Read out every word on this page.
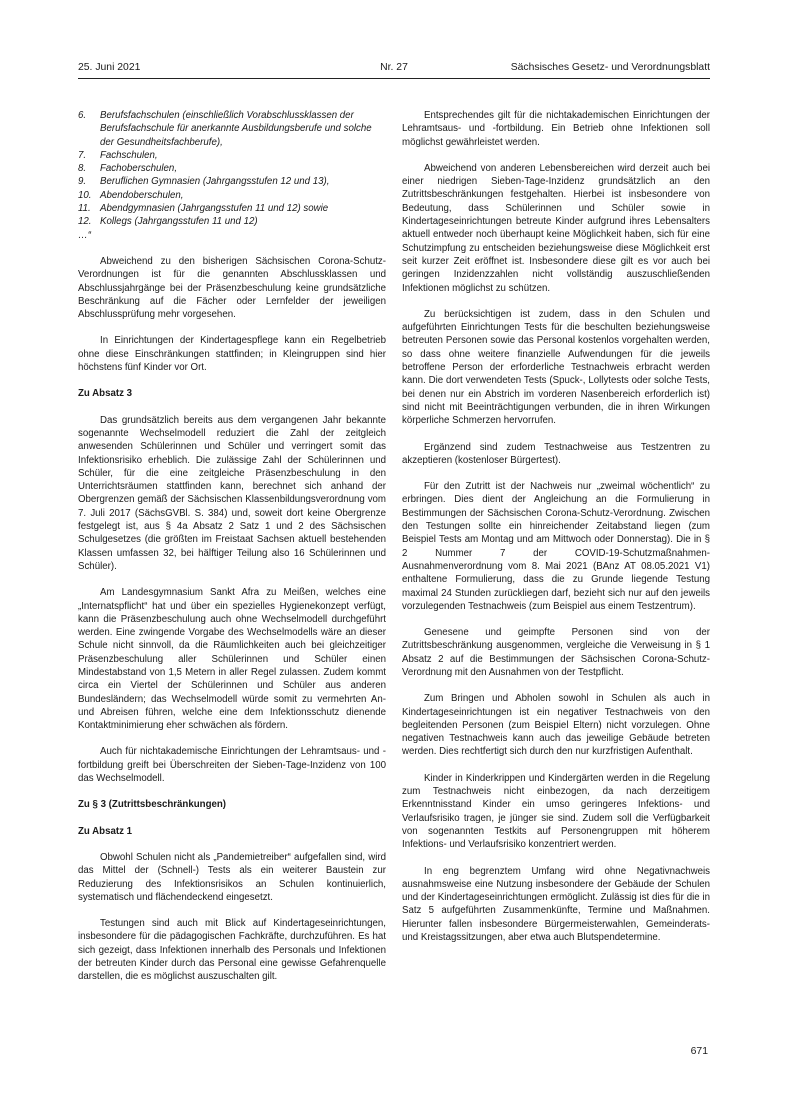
25. Juni 2021	Nr. 27	Sächsisches Gesetz- und Verordnungsblatt
6. Berufsfachschulen (einschließlich Vorabschlussklassen der Berufsfachschule für anerkannte Ausbildungsberufe und solche der Gesundheitsfachberufe),
7. Fachschulen,
8. Fachoberschulen,
9. Beruflichen Gymnasien (Jahrgangsstufen 12 und 13),
10. Abendoberschulen,
11. Abendgymnasien (Jahrgangsstufen 11 und 12) sowie
12. Kollegs (Jahrgangsstufen 11 und 12)
…“

Abweichend zu den bisherigen Sächsischen Corona-Schutz-Verordnungen ist für die genannten Abschlussklassen und Abschlussjahrgänge bei der Präsenzbeschulung keine grundsätzliche Beschränkung auf die Fächer oder Lernfelder der jeweiligen Abschlussprüfung mehr vorgesehen.

In Einrichtungen der Kindertagespflege kann ein Regelbetrieb ohne diese Einschränkungen stattfinden; in Kleingruppen sind hier höchstens fünf Kinder vor Ort.

Zu Absatz 3

Das grundsätzlich bereits aus dem vergangenen Jahr bekannte sogenannte Wechselmodell reduziert die Zahl der zeitgleich anwesenden Schülerinnen und Schüler und verringert somit das Infektionsrisiko erheblich. Die zulässige Zahl der Schülerinnen und Schüler, für die eine zeitgleiche Präsenzbeschulung in den Unterrichtsräumen stattfinden kann, berechnet sich anhand der Obergrenzen gemäß der Sächsischen Klassenbildungsverordnung vom 7. Juli 2017 (SächsGVBl. S. 384) und, soweit dort keine Obergrenze festgelegt ist, aus § 4a Absatz 2 Satz 1 und 2 des Sächsischen Schulgesetzes (die größten im Freistaat Sachsen aktuell bestehenden Klassen umfassen 32, bei hälftiger Teilung also 16 Schülerinnen und Schüler).

Am Landesgymnasium Sankt Afra zu Meißen, welches eine „Internatspflicht“ hat und über ein spezielles Hygienekonzept verfügt, kann die Präsenzbeschulung auch ohne Wechselmodell durchgeführt werden. Eine zwingende Vorgabe des Wechselmodells wäre an dieser Schule nicht sinnvoll, da die Räumlichkeiten auch bei gleichzeitiger Präsenzbeschulung aller Schülerinnen und Schüler einen Mindestabstand von 1,5 Metern in aller Regel zulassen. Zudem kommt circa ein Viertel der Schülerinnen und Schüler aus anderen Bundesländern; das Wechselmodell würde somit zu vermehrten An- und Abreisen führen, welche eine dem Infektionsschutz dienende Kontaktminimierung eher schwächen als fördern.

Auch für nichtakademische Einrichtungen der Lehramtsaus- und -fortbildung greift bei Überschreiten der Sieben-Tage-Inzidenz von 100 das Wechselmodell.

Zu § 3 (Zutrittsbeschränkungen)
Zu Absatz 1

Obwohl Schulen nicht als „Pandemietreiber“ aufgefallen sind, wird das Mittel der (Schnell-) Tests als ein weiterer Baustein zur Reduzierung des Infektionsrisikos an Schulen kontinuierlich, systematisch und flächendeckend eingesetzt.

Testungen sind auch mit Blick auf Kindertageseinrichtungen, insbesondere für die pädagogischen Fachkräfte, durchzuführen. Es hat sich gezeigt, dass Infektionen innerhalb des Personals und Infektionen der betreuten Kinder durch das Personal eine gewisse Gefahrenquelle darstellen, die es möglichst auszuschalten gilt.

Entsprechendes gilt für die nichtakademischen Einrichtungen der Lehramtsaus- und -fortbildung. Ein Betrieb ohne Infektionen soll möglichst gewährleistet werden.

Abweichend von anderen Lebensbereichen wird derzeit auch bei einer niedrigen Sieben-Tage-Inzidenz grundsätzlich an den Zutrittsbeschränkungen festgehalten. Hierbei ist insbesondere von Bedeutung, dass Schülerinnen und Schüler sowie in Kindertageseinrichtungen betreute Kinder aufgrund ihres Lebensalters aktuell entweder noch überhaupt keine Möglichkeit haben, sich für eine Schutzimpfung zu entscheiden beziehungsweise diese Möglichkeit erst seit kurzer Zeit eröffnet ist. Insbesondere diese gilt es vor auch bei geringen Inzidenzzahlen nicht vollständig auszuschließenden Infektionen möglichst zu schützen.

Zu berücksichtigen ist zudem, dass in den Schulen und aufgeführten Einrichtungen Tests für die beschulten beziehungsweise betreuten Personen sowie das Personal kostenlos vorgehalten werden, so dass ohne weitere finanzielle Aufwendungen für die jeweils betroffene Person der erforderliche Testnachweis erbracht werden kann. Die dort verwendeten Tests (Spuck-, Lollytests oder solche Tests, bei denen nur ein Abstrich im vorderen Nasenbereich erforderlich ist) sind nicht mit Beeinträchtigungen verbunden, die in ihren Wirkungen körperliche Schmerzen hervorrufen.

Ergänzend sind zudem Testnachweise aus Testzentren zu akzeptieren (kostenloser Bürgertest).

Für den Zutritt ist der Nachweis nur „zweimal wöchentlich“ zu erbringen. Dies dient der Angleichung an die Formulierung in Bestimmungen der Sächsischen Corona-Schutz-Verordnung. Zwischen den Testungen sollte ein hinreichender Zeitabstand liegen (zum Beispiel Tests am Montag und am Mittwoch oder Donnerstag). Die in § 2 Nummer 7 der COVID-19-Schutzmaßnahmen-Ausnahmenverordnung vom 8. Mai 2021 (BAnz AT 08.05.2021 V1) enthaltene Formulierung, dass die zu Grunde liegende Testung maximal 24 Stunden zurückliegen darf, bezieht sich nur auf den jeweils vorzulegenden Testnachweis (zum Beispiel aus einem Testzentrum).

Genesene und geimpfte Personen sind von der Zutrittsbeschränkung ausgenommen, vergleiche die Verweisung in § 1 Absatz 2 auf die Bestimmungen der Sächsischen Corona-Schutz-Verordnung mit den Ausnahmen von der Testpflicht.

Zum Bringen und Abholen sowohl in Schulen als auch in Kindertageseinrichtungen ist ein negativer Testnachweis von den begleitenden Personen (zum Beispiel Eltern) nicht vorzulegen. Ohne negativen Testnachweis kann auch das jeweilige Gebäude betreten werden. Dies rechtfertigt sich durch den nur kurzfristigen Aufenthalt.

Kinder in Kinderkrippen und Kindergärten werden in die Regelung zum Testnachweis nicht einbezogen, da nach derzeitigem Erkenntnisstand Kinder ein umso geringeres Infektions- und Verlaufsrisiko tragen, je jünger sie sind. Zudem soll die Verfügbarkeit von sogenannten Testkits auf Personengruppen mit höherem Infektions- und Verlaufsrisiko konzentriert werden.

In eng begrenztem Umfang wird ohne Negativnachweis ausnahmsweise eine Nutzung insbesondere der Gebäude der Schulen und der Kindertageseinrichtungen ermöglicht. Zulässig ist dies für die in Satz 5 aufgeführten Zusammenkünfte, Termine und Maßnahmen. Hierunter fallen insbesondere Bürgermeisterwahlen, Gemeinderats- und Kreistagssitzungen, aber etwa auch Blutspendetermine.

671
